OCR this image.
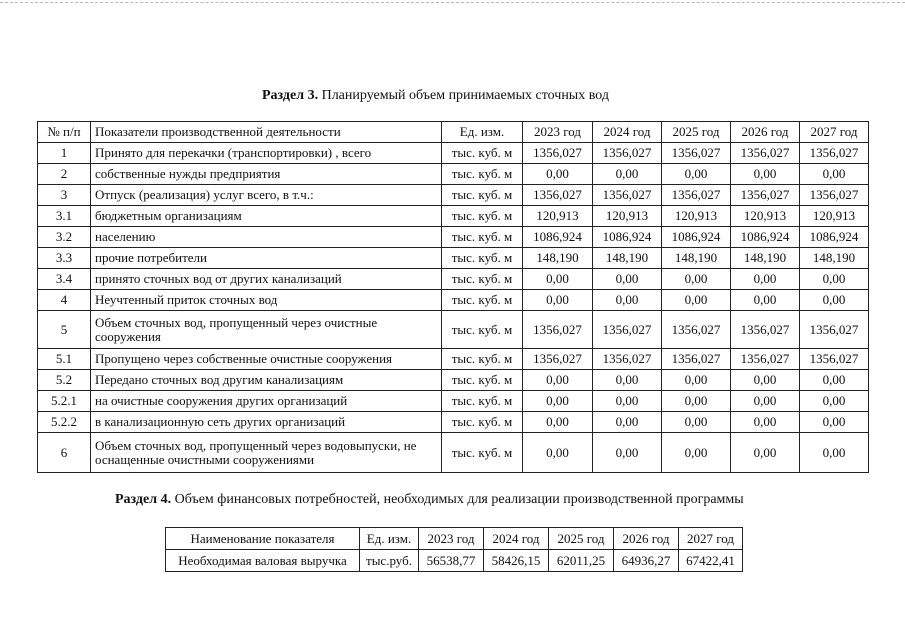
Раздел 3. Планируемый объем принимаемых сточных вод
№ п/п	Показатели производственной деятельности	Ед. изм.	2023 год	2024 год	2025 год	2026 год	2027 год
1	Принято для перекачки (транспортировки) , всего	тыс. куб. м	1356,027	1356,027	1356,027	1356,027	1356,027
2	собственные нужды предприятия	тыс. куб. м	0,00	0,00	0,00	0,00	0,00
3	Отпуск (реализация) услуг всего, в т.ч.:	тыс. куб. м	1356,027	1356,027	1356,027	1356,027	1356,027
3.1	бюджетным организациям	тыс. куб. м	120,913	120,913	120,913	120,913	120,913
3.2	населению	тыс. куб. м	1086,924	1086,924	1086,924	1086,924	1086,924
3.3	прочие потребители	тыс. куб. м	148,190	148,190	148,190	148,190	148,190
3.4	принято сточных вод от других канализаций	тыс. куб. м	0,00	0,00	0,00	0,00	0,00
4	Неучтенный приток сточных вод	тыс. куб. м	0,00	0,00	0,00	0,00	0,00
5	Объем сточных вод, пропущенный через очистные сооружения	тыс. куб. м	1356,027	1356,027	1356,027	1356,027	1356,027
5.1	Пропущено через собственные очистные сооружения	тыс. куб. м	1356,027	1356,027	1356,027	1356,027	1356,027
5.2	Передано сточных вод другим канализациям	тыс. куб. м	0,00	0,00	0,00	0,00	0,00
5.2.1	на очистные сооружения других организаций	тыс. куб. м	0,00	0,00	0,00	0,00	0,00
5.2.2	в канализационную сеть других организаций	тыс. куб. м	0,00	0,00	0,00	0,00	0,00
6	Объем сточных вод, пропущенный через водовыпуски, не оснащенные очистными сооружениями	тыс. куб. м	0,00	0,00	0,00	0,00	0,00
Раздел 4. Объем финансовых потребностей, необходимых для реализации производственной программы
Наименование показателя	Ед. изм.	2023 год	2024 год	2025 год	2026 год	2027 год
Необходимая валовая выручка	тыс.руб.	56538,77	58426,15	62011,25	64936,27	67422,41
